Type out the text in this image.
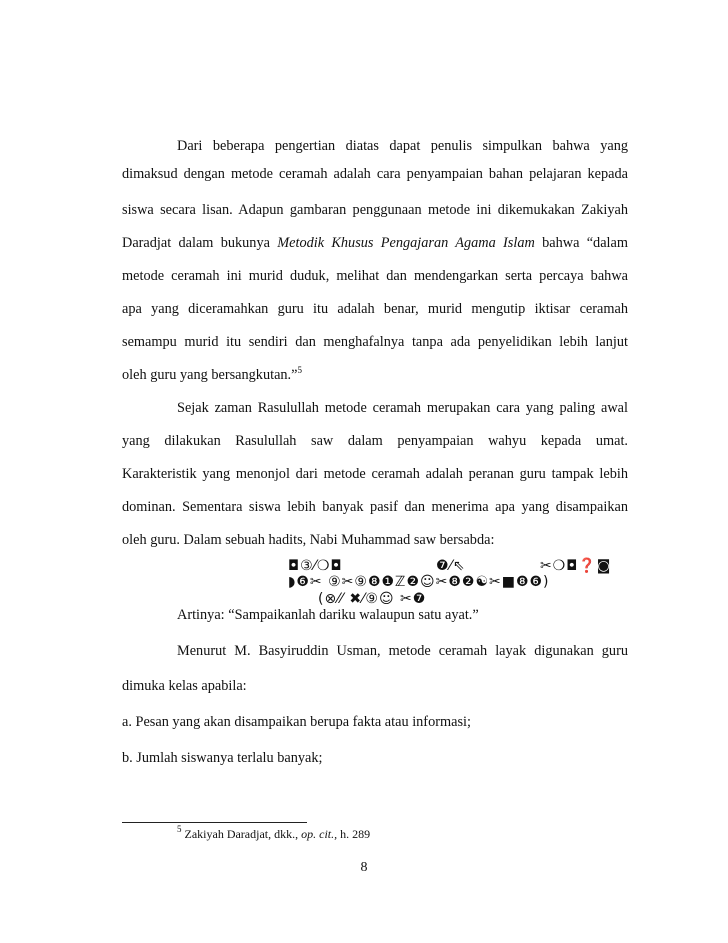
Dari beberapa pengertian diatas dapat penulis simpulkan bahwa yang
dimaksud dengan metode ceramah adalah cara penyampaian bahan pelajaran kepada
siswa secara lisan. Adapun gambaran penggunaan metode ini dikemukakan Zakiyah
Daradjat dalam bukunya Metodik Khusus Pengajaran Agama Islam bahwa “dalam
metode ceramah ini murid duduk, melihat dan mendengarkan serta percaya bahwa
apa yang diceramahkan guru itu adalah benar, murid mengutip iktisar ceramah
semampu murid itu sendiri dan menghafalnya tanpa ada penyelidikan lebih lanjut
oleh guru yang bersangkutan.”$^5$
Sejak zaman Rasulullah metode ceramah merupakan cara yang paling awal
yang dilakukan Rasulullah saw dalam penyampaian wahyu kepada umat.
Karakteristik yang menonjol dari metode ceramah adalah peranan guru tampak lebih
dominan. Sementara siswa lebih banyak pasif dan menerima apa yang disampaikan
oleh guru. Dalam sebuah hadits, Nabi Muhammad saw bersabda:
◘③⁄❍◘	❼⁄⇖	✂❍◘❓◙
◗❻✂ ⑨✂⑨❽❶ℤ❷☺✂❽❷☯✂■❽❻)
(⊗⁄⁄ ✖⁄⑨☺ ✂❼
Artinya: “Sampaikanlah dariku walaupun satu ayat.”
Menurut M. Basyiruddin Usman, metode ceramah layak digunakan guru
dimuka kelas apabila:
a. Pesan yang akan disampaikan berupa fakta atau informasi;
b. Jumlah siswanya terlalu banyak;
$^5$ Zakiyah Daradjat, dkk., op. cit., h. 289
8
